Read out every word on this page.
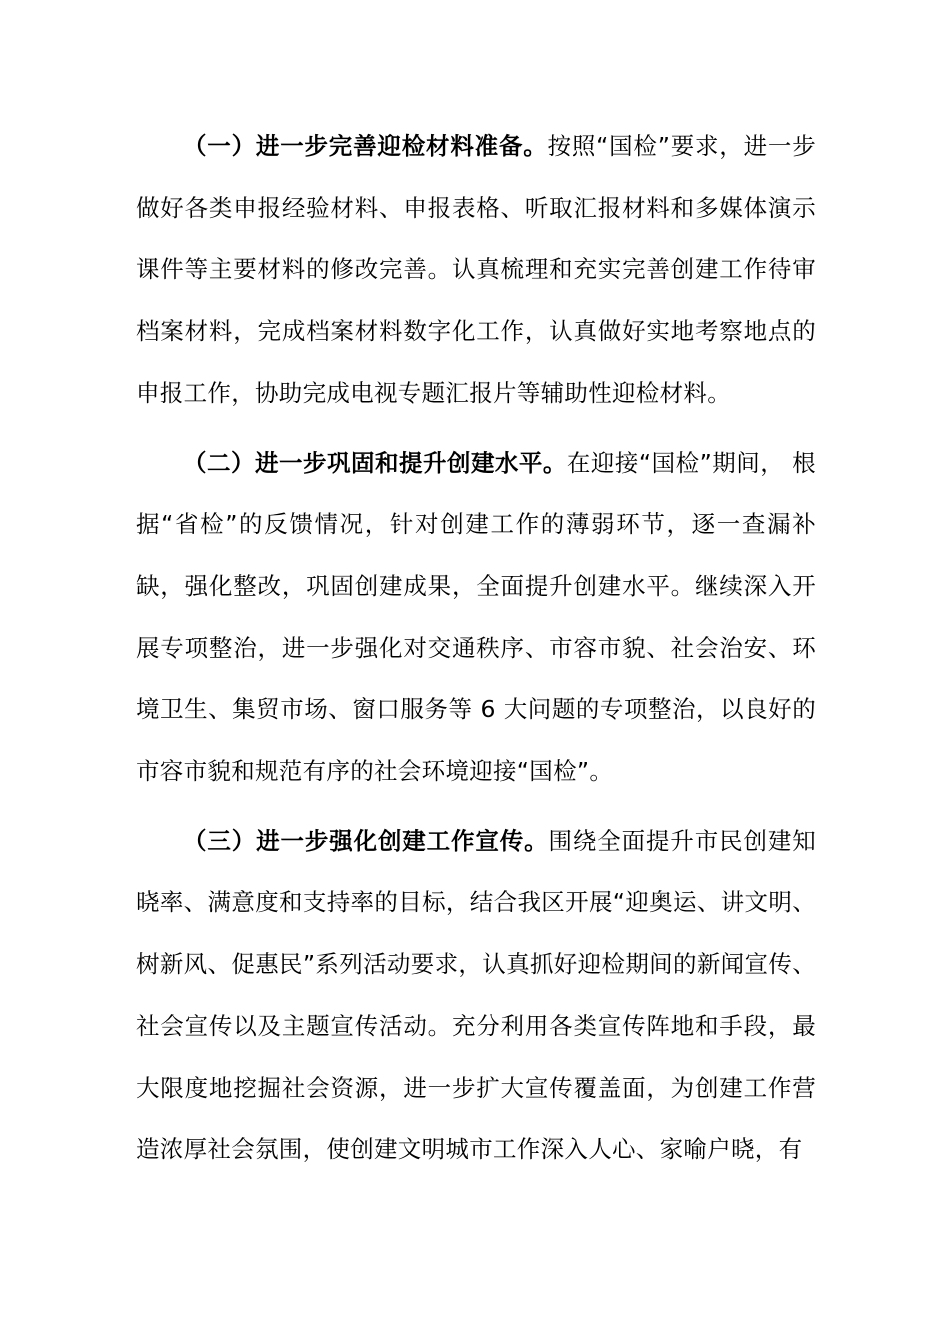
（一）进一步完善迎检材料准备。按照“国检”要求，进一步做好各类申报经验材料、申报表格、听取汇报材料和多媒体演示课件等主要材料的修改完善。认真梳理和充实完善创建工作待审档案材料，完成档案材料数字化工作，认真做好实地考察地点的申报工作，协助完成电视专题汇报片等辅助性迎检材料。

（二）进一步巩固和提升创建水平。在迎接“国检”期间， 根据“省检”的反馈情况，针对创建工作的薄弱环节，逐一查漏补缺，强化整改，巩固创建成果，全面提升创建水平。继续深入开展专项整治，进一步强化对交通秩序、市容市貌、社会治安、环境卫生、集贸市场、窗口服务等 6 大问题的专项整治，以良好的市容市貌和规范有序的社会环境迎接“国检”。

（三）进一步强化创建工作宣传。围绕全面提升市民创建知晓率、满意度和支持率的目标，结合我区开展“迎奥运、讲文明、树新风、促惠民”系列活动要求，认真抓好迎检期间的新闻宣传、社会宣传以及主题宣传活动。充分利用各类宣传阵地和手段，最大限度地挖掘社会资源，进一步扩大宣传覆盖面，为创建工作营造浓厚社会氛围，使创建文明城市工作深入人心、家喻户晓，有
